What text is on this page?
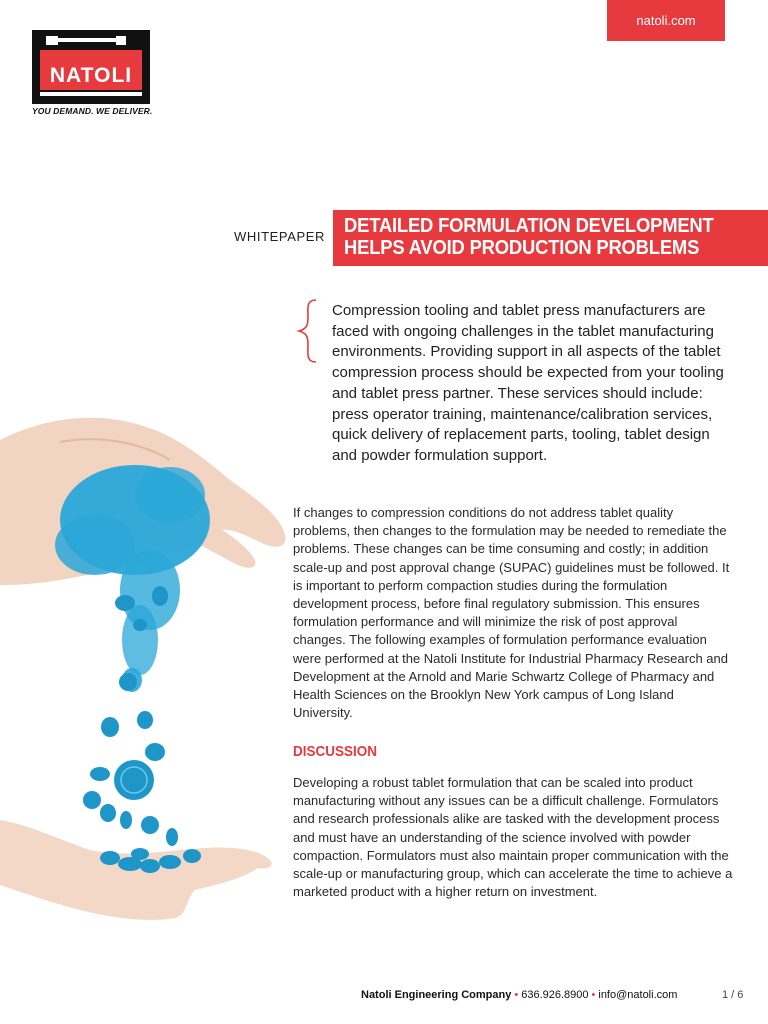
natoli.com
NATOLI
YOU DEMAND. WE DELIVER.
WHITEPAPER DETAILED FORMULATION DEVELOPMENT
HELPS AVOID PRODUCTION PROBLEMS
Compression tooling and tablet press manufacturers are faced with ongoing challenges in the tablet manufacturing environments. Providing support in all aspects of the tablet compression process should be expected from your tooling and tablet press partner. These services should include: press operator training, maintenance/calibration services, quick delivery of replacement parts, tooling, tablet design and powder formulation support.
If changes to compression conditions do not address tablet quality problems, then changes to the formulation may be needed to remediate the problems. These changes can be time consuming and costly; in addition scale-up and post approval change (SUPAC) guidelines must be followed. It is important to perform compaction studies during the formulation development process, before final regulatory submission. This ensures formulation performance and will minimize the risk of post approval changes. The following examples of formulation performance evaluation were performed at the Natoli Institute for Industrial Pharmacy Research and Development at the Arnold and Marie Schwartz College of Pharmacy and Health Sciences on the Brooklyn New York campus of Long Island University.
DISCUSSION
Developing a robust tablet formulation that can be scaled into product manufacturing without any issues can be a difficult challenge. Formulators and research professionals alike are tasked with the development process and must have an understanding of the science involved with powder compaction. Formulators must also maintain proper communication with the scale-up or manufacturing group, which can accelerate the time to achieve a marketed product with a higher return on investment.
Natoli Engineering Company • 636.926.8900 • info@natoli.com	1 / 6
